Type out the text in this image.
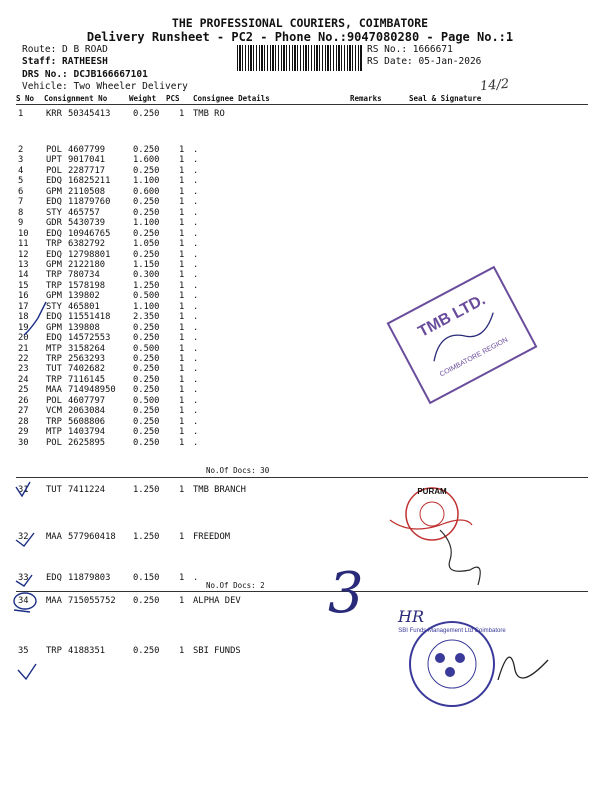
THE PROFESSIONAL COURIERS, COIMBATORE
Delivery Runsheet - PC2 - Phone No.:9047080280 - Page No.:1
Route: D B ROAD
Staff: RATHEESH
DRS No.: DCJB166667101
Vehicle: Two Wheeler Delivery
RS No.: 1666671
RS Date: 05-Jan-2026
14/2
S No Consignment No	Weight PCS Consignee Details	Remarks	Seal & Signature
1	KRR 50345413	0.250 1 TMB RO
2	POL 4607799	0.250 1 .
3	UPT 9017041	1.600 1 .
4	POL 2287717	0.250 1 .
5	EDQ 16825211	1.100 1 .
6	GPM 2110508	0.600 1 .
7	EDQ 11879760	0.250 1 .
8	STY 465757	0.250 1 .
9	GDR 5430739	1.100 1 .
10 EDQ 10946765	0.250 1 .
11 TRP 6382792	1.050 1 .
12 EDQ 12798801	0.250 1 .
13 GPM 2122180	1.150 1 .
14 TRP 780734	0.300 1 .
15 TRP 1578198	1.250 1 .
16 GPM 139802	0.500 1 .
17 STY 465801	1.100 1 .
18 EDQ 11551418	2.350 1 .
19 GPM 139808	0.250 1 .
20 EDQ 14572553	0.250 1 .
21 MTP 3158264	0.500 1 .
22 TRP 2563293	0.250 1 .
23 TUT 7402682	0.250 1 .
24 TRP 7116145	0.250 1 .
25 MAA 714948950 0.250 1 .
26 POL 4607797	0.500 1 .
27 VCM 2063084	0.250 1 .
28 TRP 5608806	0.250 1 .
29 MTP 1403794	0.250 1 .
30 POL 2625895	0.250 1 .
31 TUT 7411224	1.250 1 TMB BRANCH
32 MAA 577960418 1.250 1 FREEDOM
33 EDQ 11879803	0.150 1 .
34 MAA 715055752 0.250 1 ALPHA DEV
35 TRP 4188351	0.250 1 SBI FUNDS
No.Of Docs: 30
No.Of Docs: 2
TMB LTD.
COIMBATORE REGION
3
PURAM
HR
SBI Funds Management Ltd Coimbatore
